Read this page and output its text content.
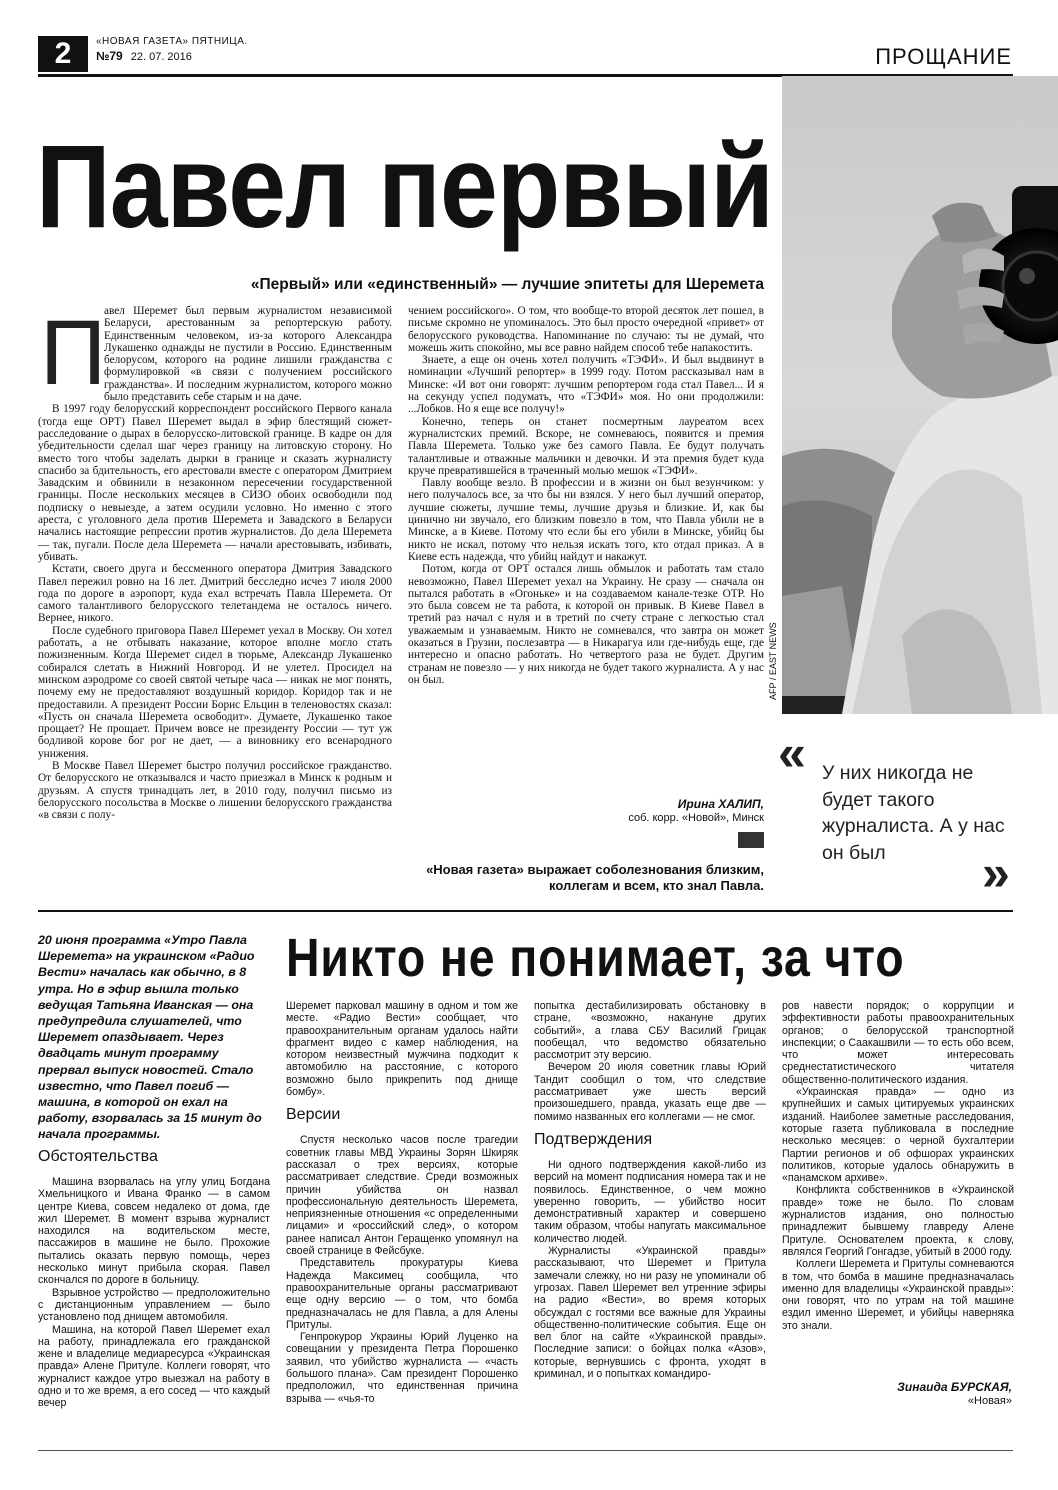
2	«НОВАЯ ГАЗЕТА» ПЯТНИЦА.
№79 22. 07. 2016	ПРОЩАНИЕ
Павел первый
«Первый» или «единственный» — лучшие эпитеты для Шеремета
П

авел Шеремет был первым журналистом независимой Беларуси, арестованным за репортерскую работу. Единственным человеком, из-за которого Александра Лукашенко однажды не пустили в Россию. Единственным белорусом, которого на родине лишили гражданства с формулировкой «в связи с получением российского гражданства». И последним журналистом, которого можно было представить себе старым и на даче.

В 1997 году белорусский корреспондент российского Первого канала (тогда еще ОРТ) Павел Шеремет выдал в эфир блестящий сюжет-расследование о дырах в белорусско-литовской границе. В кадре он для убедительности сделал шаг через границу на литовскую сторону. Но вместо того чтобы заделать дырки в границе и сказать журналисту спасибо за бдительность, его арестовали вместе с оператором Дмитрием Завадским и обвинили в незаконном пересечении государственной границы. После нескольких месяцев в СИЗО обоих освободили под подписку о невыезде, а затем осудили условно. Но именно с этого ареста, с уголовного дела против Шеремета и Завадского в Беларуси начались настоящие репрессии против журналистов. До дела Шеремета — так, пугали. После дела Шеремета — начали арестовывать, избивать, убивать.

Кстати, своего друга и бессменного оператора Дмитрия Завадского Павел пережил ровно на 16 лет. Дмитрий бесследно исчез 7 июля 2000 года по дороге в аэропорт, куда ехал встречать Павла Шеремета. От самого талантливого белорусского телетандема не осталось ничего. Вернее, никого.

После судебного приговора Павел Шеремет уехал в Москву. Он хотел работать, а не отбывать наказание, которое вполне могло стать пожизненным. Когда Шеремет сидел в тюрьме, Александр Лукашенко собирался слетать в Нижний Новгород. И не улетел. Просидел на минском аэродроме со своей святой четыре часа — никак не мог понять, почему ему не предоставляют воздушный коридор. Коридор так и не предоставили. А президент России Борис Ельцин в теленовостях сказал: «Пусть он сначала Шеремета освободит». Думаете, Лукашенко такое прощает? Не прощает. Причем вовсе не президенту России — тут уж бодливой корове бог рог не дает, — а виновнику его всенародного унижения.

В Москве Павел Шеремет быстро получил российское гражданство. От белорусского не отказывался и часто приезжал в Минск к родным и друзьям. А спустя тринадцать лет, в 2010 году, получил письмо из белорусского посольства в Москве о лишении белорусского гражданства «в связи с полу-

чением российского». О том, что вообще-то второй десяток лет пошел, в письме скромно не упоминалось. Это был просто очередной «привет» от белорусского руководства. Напоминание по случаю: ты не думай, что можешь жить спокойно, мы все равно найдем способ тебе напакостить.

Знаете, а еще он очень хотел получить «ТЭФИ». И был выдвинут в номинации «Лучший репортер» в 1999 году. Потом рассказывал нам в Минске: «И вот они говорят: лучшим репортером года стал Павел... И я на секунду успел подумать, что «ТЭФИ» моя. Но они продолжили: ...Лобков. Но я еще все получу!»

Конечно, теперь он станет посмертным лауреатом всех журналистских премий. Вскоре, не сомневаюсь, появится и премия Павла Шеремета. Только уже без самого Павла. Ее будут получать талантливые и отважные мальчики и девочки. И эта премия будет куда круче превратившейся в траченный молью мешок «ТЭФИ».

Павлу вообще везло. В профессии и в жизни он был везунчиком: у него получалось все, за что бы ни взялся. У него был лучший оператор, лучшие сюжеты, лучшие темы, лучшие друзья и близкие. И, как бы цинично ни звучало, его близким повезло в том, что Павла убили не в Минске, а в Киеве. Потому что если бы его убили в Минске, убийц бы никто не искал, потому что нельзя искать того, кто отдал приказ. А в Киеве есть надежда, что убийц найдут и накажут.

Потом, когда от ОРТ остался лишь обмылок и работать там стало невозможно, Павел Шеремет уехал на Украину. Не сразу — сначала он пытался работать в «Огоньке» и на создаваемом канале-тезке ОТР. Но это была совсем не та работа, к которой он привык. В Киеве Павел в третий раз начал с нуля и в третий по счету стране с легкостью стал уважаемым и узнаваемым. Никто не сомневался, что завтра он может оказаться в Грузии, послезавтра — в Никарагуа или где-нибудь еще, где интересно и опасно работать. Но четвертого раза не будет. Другим странам не повезло — у них никогда не будет такого журналиста. А у нас он был.

Ирина ХАЛИП,
соб. корр. «Новой», Минск
«Новая газета» выражает соболезнования близким, коллегам и всем, кто знал Павла.
AFP / EAST NEWS
« У них никогда не будет такого журналиста. А у нас он был	»
20 июня программа «Утро Павла Шеремета» на украинском «Радио Вести» началась как обычно, в 8 утра. Но в эфир вышла только ведущая Татьяна Иванская — она предупредила слушателей, что Шеремет опаздывает. Через двадцать минут программу прервал выпуск новостей. Стало известно, что Павел погиб — машина, в которой он ехал на работу, взорвалась за 15 минут до начала программы.
Никто не понимает, за что
Обстоятельства

Машина взорвалась на углу улиц Богдана Хмельницкого и Ивана Франко — в самом центре Киева, совсем недалеко от дома, где жил Шеремет. В момент взрыва журналист находился на водительском месте, пассажиров в машине не было. Прохожие пытались оказать первую помощь, через несколько минут прибыла скорая. Павел скончался по дороге в больницу.

Взрывное устройство — предположительно с дистанционным управлением — было установлено под днищем автомобиля.

Машина, на которой Павел Шеремет ехал на работу, принадлежала его гражданской жене и владелице медиаресурса «Украинская правда» Алене Притуле. Коллеги говорят, что журналист каждое утро выезжал на работу в одно и то же время, а его сосед — что каждый вечер

Шеремет парковал машину в одном и том же месте. «Радио Вести» сообщает, что правоохранительным органам удалось найти фрагмент видео с камер наблюдения, на котором неизвестный мужчина подходит к автомобилю на расстояние, с которого возможно было прикрепить под днище бомбу».

Версии

Спустя несколько часов после трагедии советник главы МВД Украины Зорян Шкиряк рассказал о трех версиях, которые рассматривает следствие. Среди возможных причин убийства он назвал профессиональную деятельность Шеремета, неприязненные отношения «с определенными лицами» и «российский след», о котором ранее написал Антон Геращенко упомянул на своей странице в Фейсбуке.

Представитель прокуратуры Киева Надежда Максимец сообщила, что правоохранительные органы рассматривают еще одну версию — о том, что бомба предназначалась не для Павла, а для Алены Притулы.

Генпрокурор Украины Юрий Луценко на совещании у президента Петра Порошенко заявил, что убийство журналиста — «часть большого плана». Сам президент Порошенко предположил, что единственная причина взрыва — «чья-то

попытка дестабилизировать обстановку в стране, «возможно, накануне других событий», а глава СБУ Василий Грицак пообещал, что ведомство обязательно рассмотрит эту версию.

Вечером 20 июля советник главы Юрий Тандит сообщил о том, что следствие рассматривает уже шесть версий произошедшего, правда, указать еще две — помимо названных его коллегами — не смог.

Подтверждения

Ни одного подтверждения какой-либо из версий на момент подписания номера так и не появилось. Единственное, о чем можно уверенно говорить, — убийство носит демонстративный характер и совершено таким образом, чтобы напугать максимальное количество людей.

Журналисты «Украинской правды» рассказывают, что Шеремет и Притула замечали слежку, но ни разу не упоминали об угрозах. Павел Шеремет вел утренние эфиры на радио «Вести», во время которых обсуждал с гостями все важные для Украины общественно-политические события. Еще он вел блог на сайте «Украинской правды». Последние записи: о бойцах полка «Азов», которые, вернувшись с фронта, уходят в криминал, и о попытках командиро-

ров навести порядок; о коррупции и эффективности работы правоохранительных органов; о белорусской транспортной инспекции; о Саакашвили — то есть обо всем, что может интересовать среднестатистического читателя общественно-политического издания.

«Украинская правда» — одно из крупнейших и самых цитируемых украинских изданий. Наиболее заметные расследования, которые газета публиковала в последние несколько месяцев: о черной бухгалтерии Партии регионов и об офшорах украинских политиков, которые удалось обнаружить в «панамском архиве».

Конфликта собственников в «Украинской правде» тоже не было. По словам журналистов издания, оно полностью принадлежит бывшему главреду Алене Притуле. Основателем проекта, к слову, являлся Георгий Гонгадзе, убитый в 2000 году.

Коллеги Шеремета и Притулы сомневаются в том, что бомба в машине предназначалась именно для владелицы «Украинской правды»: они говорят, что по утрам на той машине ездил именно Шеремет, и убийцы наверняка это знали.

Зинаида БУРСКАЯ,
«Новая»
